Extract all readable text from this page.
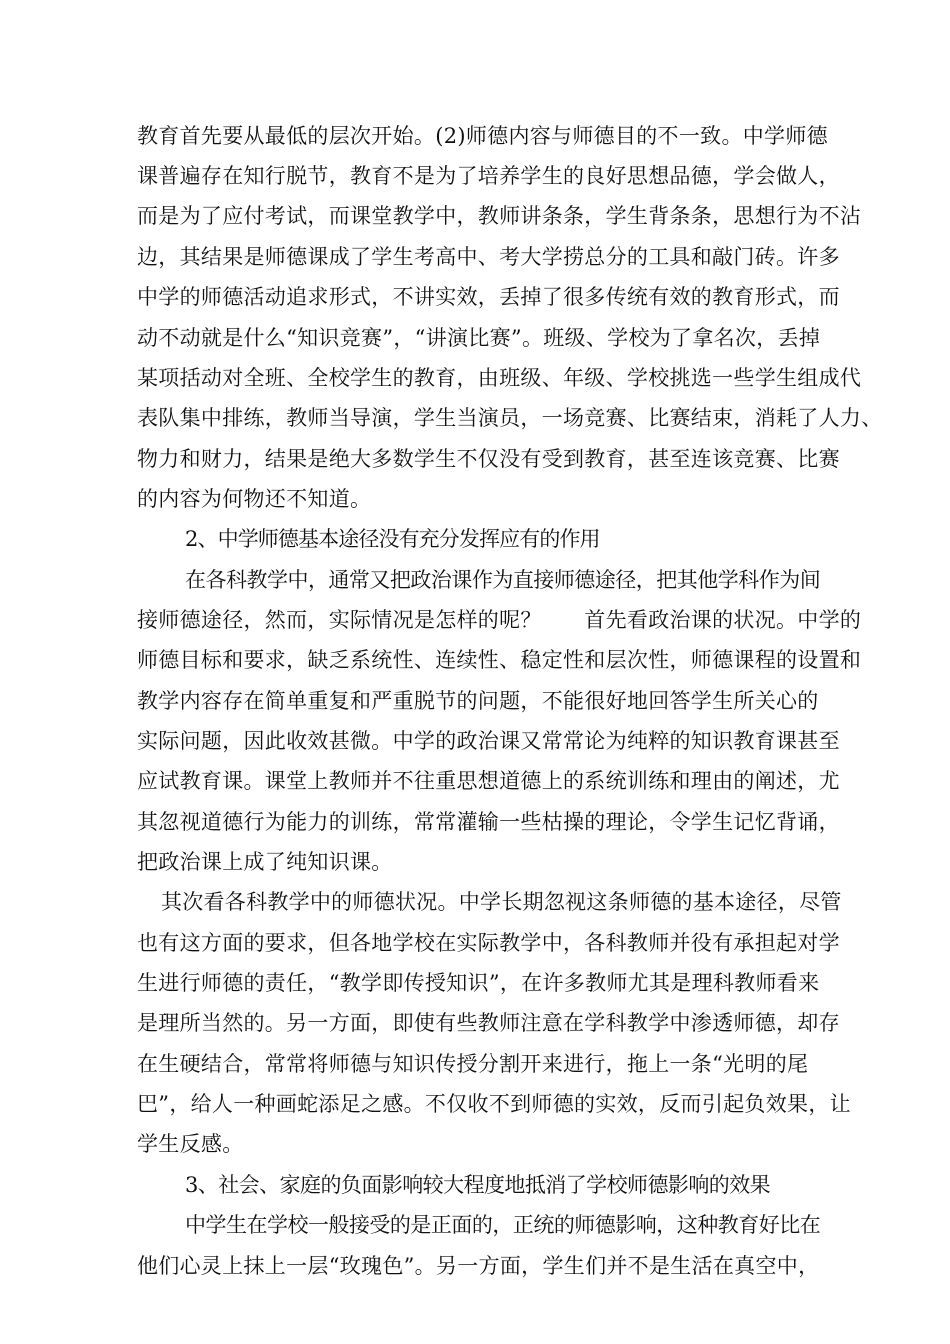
教育首先要从最低的层次开始。(2)师德内容与师德目的不一致。中学师德
课普遍存在知行脱节，教育不是为了培养学生的良好思想品德，学会做人，
而是为了应付考试，而课堂教学中，教师讲条条，学生背条条，思想行为不沾
边，其结果是师德课成了学生考高中、考大学捞总分的工具和敲门砖。许多
中学的师德活动追求形式，不讲实效，丢掉了很多传统有效的教育形式，而
动不动就是什么“知识竞赛”，“讲演比赛”。班级、学校为了拿名次，丢掉
某项括动对全班、全校学生的教育，由班级、年级、学校挑选一些学生组成代
表队集中排练，教师当导演，学生当演员，一场竞赛、比赛结束，消耗了人力、
物力和财力，结果是绝大多数学生不仅没有受到教育，甚至连该竞赛、比赛
的内容为何物还不知道。
2、中学师德基本途径没有充分发挥应有的作用
在各科教学中，通常又把政治课作为直接师德途径，把其他学科作为间
接师德途径，然而，实际情况是怎样的呢？　　首先看政治课的状况。中学的
师德目标和要求，缺乏系统性、连续性、稳定性和层次性，师德课程的设置和
教学内容存在简单重复和严重脱节的问题，不能很好地回答学生所关心的
实际问题，因此收效甚微。中学的政治课又常常论为纯粹的知识教育课甚至
应试教育课。课堂上教师并不往重思想道德上的系统训练和理由的阐述，尤
其忽视道德行为能力的训练，常常灌输一些枯操的理论，令学生记忆背诵，
把政治课上成了纯知识课。
其次看各科教学中的师德状况。中学长期忽视这条师德的基本途径，尽管
也有这方面的要求，但各地学校在实际教学中，各科教师并役有承担起对学
生进行师德的责任，“教学即传授知识”，在许多教师尤其是理科教师看来
是理所当然的。另一方面，即使有些教师注意在学科教学中渗透师德，却存
在生硬结合，常常将师德与知识传授分割开来进行，拖上一条“光明的尾
巴”，给人一种画蛇添足之感。不仅收不到师德的实效，反而引起负效果，让
学生反感。
3、社会、家庭的负面影响较大程度地抵消了学校师德影响的效果
中学生在学校一般接受的是正面的，正统的师德影响，这种教育好比在
他们心灵上抹上一层“玫瑰色”。另一方面，学生们并不是生活在真空中，
